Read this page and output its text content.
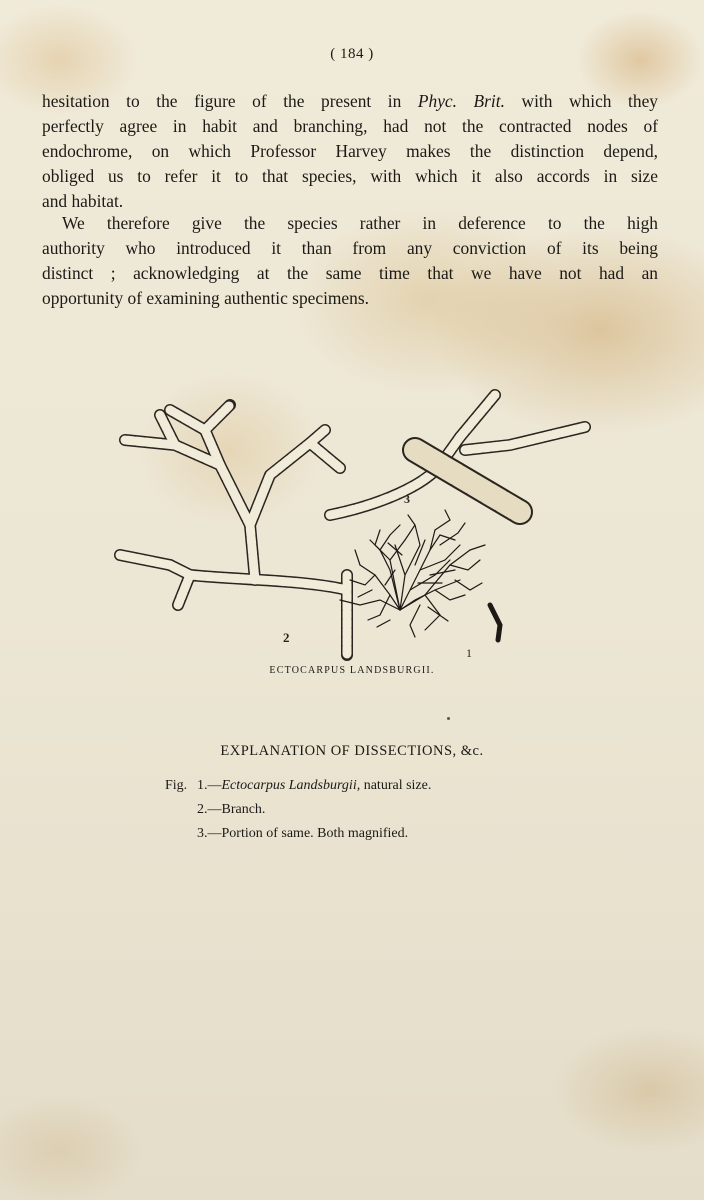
( 184 )
hesitation to the figure of the present in Phyc. Brit. with which they
perfectly agree in habit and branching, had not the contracted nodes of
endochrome, on which Professor Harvey makes the distinction depend,
obliged us to refer it to that species, with which it also accords in size
and habitat.
We therefore give the species rather in deference to the high
authority who introduced it than from any conviction of its being
distinct ; acknowledging at the same time that we have not had an
opportunity of examining authentic specimens.
2
3
1
ECTOCARPUS LANDSBURGII.
EXPLANATION OF DISSECTIONS, &c.
Fig. 1.—Ectocarpus Landsburgii, natural size.
2.—Branch.
3.—Portion of same. Both magnified.
